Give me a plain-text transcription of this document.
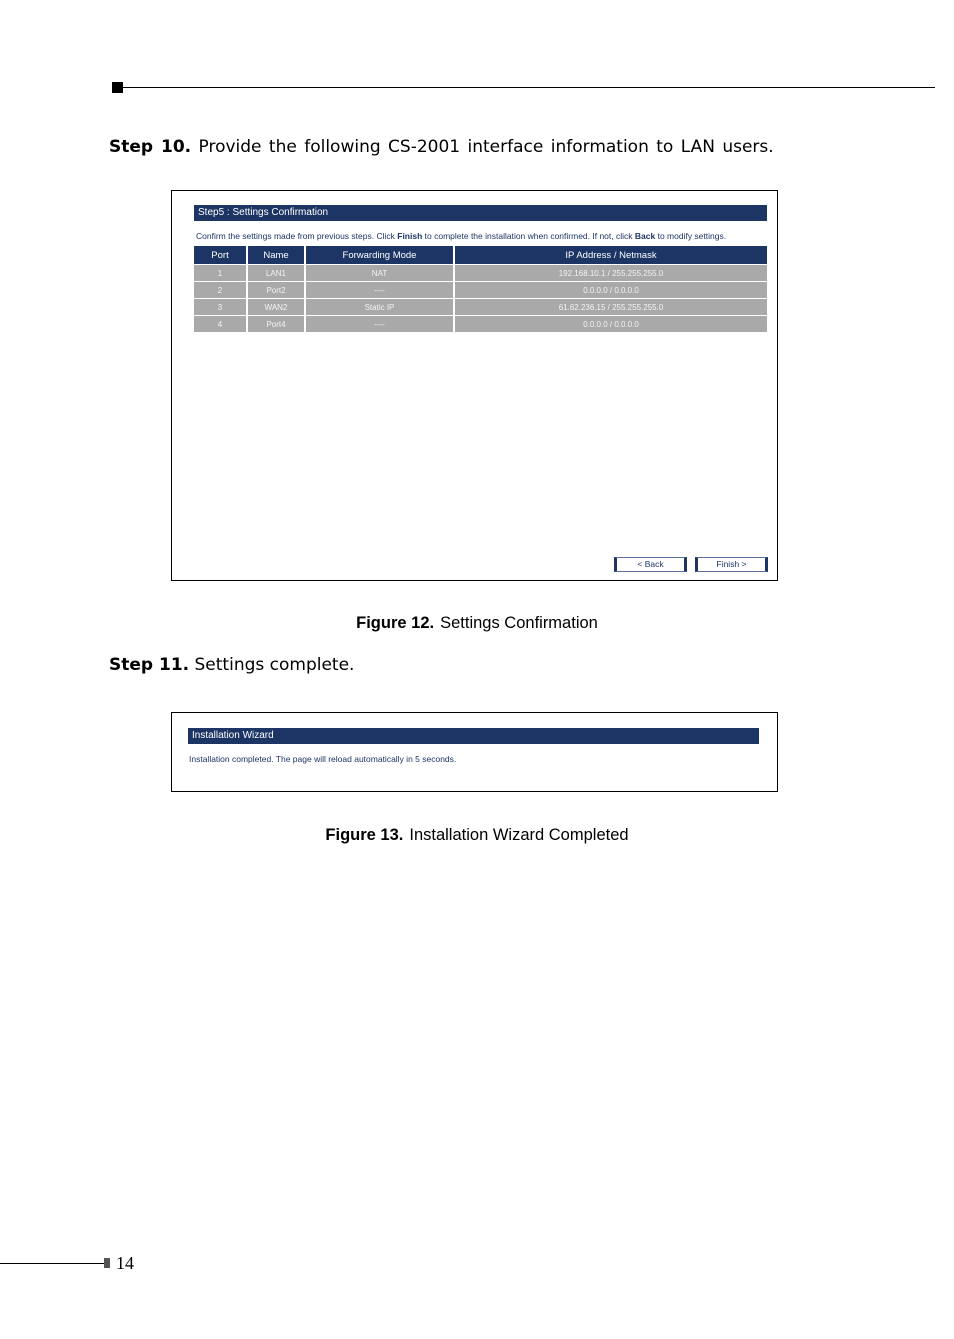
Step 10. Provide the following CS-2001 interface information to LAN users.
Step5 : Settings Confirmation
Confirm the settings made from previous steps. Click Finish to complete the installation when confirmed. If not, click Back to modify settings.
Port	Name	Forwarding Mode	IP Address / Netmask
1	LAN1	NAT	192.168.10.1 / 255.255.255.0
2	Port2	----	0.0.0.0 / 0.0.0.0
3	WAN2	Static IP	61.62.236.15 / 255.255.255.0
4	Port4	----	0.0.0.0 / 0.0.0.0
< Back	Finish >
Figure 12. Settings Confirmation
Step 11. Settings complete.
Installation Wizard
Installation completed. The page will reload automatically in 5 seconds.
Figure 13. Installation Wizard Completed
14
